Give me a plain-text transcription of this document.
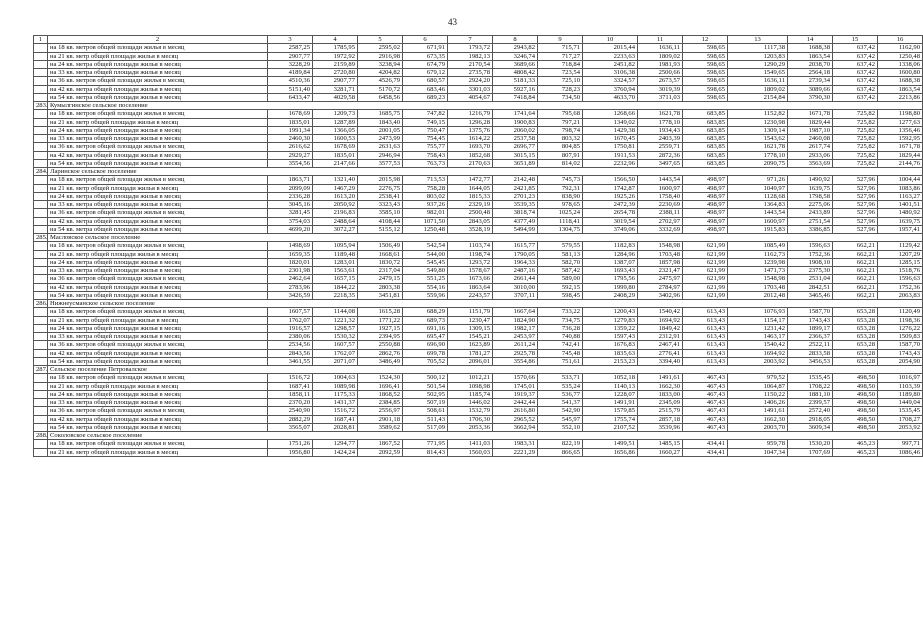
43
1	2	3	4	5	6	7	8	9	10	11	12	13	14	15	16
	на 18 кв. метров общей площади жилья в месяц	2587,25	1785,95	2595,02	671,91	1793,72	2943,82	715,71	2015,44	1636,11	598,65	1117,38	1688,38	637,42	1162,90
	на 21 кв. метр общей площади жилья в месяц	2907,77	1972,92	2916,98	673,35	1982,13	3246,74	717,27	2233,63	1809,02	598,65	1203,83	1863,54	637,42	1250,48
	на 24 кв. метра общей площади жилья в месяц	3228,29	2159,89	3238,94	674,79	2170,54	3689,66	718,84	2451,82	1981,93	598,65	1290,29	2038,70	637,42	1338,06
	на 33 кв. метра общей площади жилья в месяц	4189,84	2720,80	4204,82	679,12	2735,78	4808,42	723,54	3106,38	2500,66	598,65	1549,65	2564,18	637,42	1600,80
	на 36 кв. метров общей площади жилья в месяц	4510,36	2907,77	4526,79	680,57	2924,20	5181,33	725,10	3324,57	2673,57	598,65	1636,11	2739,34	637,42	1688,38
	на 42 кв. метра общей площади жилья в месяц	5151,40	3281,71	5170,72	683,46	3301,03	5927,16	728,23	3760,94	3019,39	598,65	1809,02	3089,66	637,42	1863,54
	на 54 кв. метра общей площади жилья в месяц	6433,47	4029,58	6458,56	689,23	4054,67	7418,84	734,50	4633,70	3711,03	598,65	2154,84	3790,30	637,42	2213,86
283.	Кумылгинское сельское поселение														
	на 18 кв. метров общей площади жилья в месяц	1678,69	1209,73	1685,75	747,82	1216,79	1741,64	795,68	1268,66	1621,78	683,85	1152,82	1671,78	725,82	1198,80
	на 21 кв. метр общей площади жилья в месяц	1835,01	1287,89	1843,40	749,15	1296,28	1900,83	797,21	1349,02	1778,10	683,85	1230,98	1829,44	725,82	1277,63
	на 24 кв. метра общей площади жилья в месяц	1991,34	1366,05	2001,05	750,47	1375,76	2060,02	798,74	1429,38	1934,43	683,85	1309,14	1987,10	725,82	1356,46
	на 33 кв. метра общей площади жилья в месяц	2460,30	1600,53	2473,99	754,45	1614,22	2537,58	803,32	1670,45	2403,39	683,85	1543,62	2460,08	725,82	1592,95
	на 36 кв. метров общей площади жилья в месяц	2616,62	1678,69	2631,63	755,77	1693,70	2696,77	804,85	1750,81	2559,71	683,85	1621,78	2617,74	725,82	1671,78
	на 42 кв. метра общей площади жилья в месяц	2929,27	1835,01	2946,94	758,43	1852,68	3015,15	807,91	1911,53	2872,36	683,85	1778,10	2933,06	725,82	1829,44
	на 54 кв. метра общей площади жилья в месяц	3554,56	2147,66	3577,53	763,73	2170,63	3651,89	814,02	2232,96	3497,65	683,85	2090,75	3563,69	725,82	2144,76
284.	Ларинское сельское поселение														
	на 18 кв. метров общей площади жилья в месяц	1863,71	1321,40	2015,98	713,53	1472,77	2142,48	745,73	1566,50	1443,54	498,97	971,26	1490,92	527,96	1004,44
	на 21 кв. метр общей площади жилья в месяц	2099,09	1467,29	2276,75	758,28	1644,05	2421,85	792,31	1742,87	1600,97	498,97	1049,97	1639,75	527,96	1083,86
	на 24 кв. метра общей площади жилья в месяц	2336,28	1613,20	2538,41	803,02	1815,33	2701,23	838,90	1925,26	1758,40	498,97	1128,68	1798,58	527,96	1163,27
	на 33 кв. метра общей площади жилья в месяц	3045,16	2050,92	3323,43	937,26	2329,19	3539,35	978,65	2472,39	2230,69	498,97	1364,83	2275,06	527,96	1401,51
	на 36 кв. метров общей площади жилья в месяц	3281,45	2196,83	3585,10	982,01	2500,48	3818,74	1025,24	2654,78	2388,11	498,97	1443,54	2433,89	527,96	1480,92
	на 42 кв. метра общей площади жилья в месяц	3754,03	2488,64	4108,44	1071,50	2843,05	4377,49	1118,41	3019,54	2702,97	498,97	1600,97	2751,54	527,96	1639,75
	на 54 кв. метра общей площади жилья в месяц	4699,20	3072,27	5155,12	1250,48	3528,19	5494,99	1304,75	3749,06	3332,69	498,97	1915,83	3386,85	527,96	1957,41
285.	Масловское сельское поселение														
	на 18 кв. метров общей площади жилья в месяц	1498,69	1095,94	1506,49	542,54	1103,74	1615,77	579,55	1182,83	1548,98	621,99	1085,49	1596,63	662,21	1129,42
	на 21 кв. метр общей площади жилья в месяц	1659,35	1189,48	1668,61	544,00	1198,74	1790,05	581,13	1284,96	1703,48	621,99	1162,73	1752,36	662,21	1207,29
	на 24 кв. метра общей площади жилья в месяц	1820,01	1283,01	1830,72	545,45	1293,72	1964,33	582,70	1387,07	1857,98	621,99	1239,98	1908,10	662,21	1285,15
	на 33 кв. метра общей площади жилья в месяц	2301,98	1563,61	2317,04	549,80	1578,67	2487,16	587,42	1693,43	2321,47	621,99	1471,73	2375,30	662,21	1518,76
	на 36 кв. метров общей площади жилья в месяц	2462,64	1657,15	2479,15	551,25	1673,66	2661,44	589,00	1795,56	2475,97	621,99	1548,98	2531,04	662,21	1596,63
	на 42 кв. метра общей площади жилья в месяц	2783,96	1844,22	2803,38	554,16	1863,64	3010,00	592,15	1999,80	2784,97	621,99	1703,48	2842,51	662,21	1752,36
	на 54 кв. метра общей площади жилья в месяц	3426,59	2218,35	3451,81	559,96	2243,57	3707,11	598,45	2408,29	3402,96	621,99	2012,48	3465,46	662,21	2063,83
286.	Нижнеусманское сельское поселение														
	на 18 кв. метров общей площади жилья в месяц	1607,57	1144,08	1615,28	688,29	1151,79	1667,64	733,22	1200,43	1540,42	613,43	1076,93	1587,70	653,28	1120,49
	на 21 кв. метр общей площади жилья в месяц	1762,07	1221,32	1771,22	689,73	1230,47	1824,90	734,75	1279,83	1694,92	613,43	1154,17	1743,43	653,28	1198,36
	на 24 кв. метра общей площади жилья в месяц	1916,57	1298,57	1927,15	691,16	1309,15	1982,17	736,28	1359,22	1849,42	613,43	1231,42	1899,17	653,28	1276,22
	на 33 кв. метра общей площади жилья в месяц	2380,06	1530,32	2394,95	695,47	1545,21	2453,97	740,88	1597,43	2312,91	613,43	1463,17	2366,37	653,28	1509,83
	на 36 кв. метров общей площади жилья в месяц	2534,56	1607,57	2550,88	696,90	1623,89	2611,24	742,41	1676,83	2467,41	613,43	1540,42	2522,11	653,28	1587,70
	на 42 кв. метра общей площади жилья в месяц	2843,56	1762,07	2862,76	699,78	1781,27	2925,78	745,48	1835,63	2776,41	613,43	1694,92	2833,58	653,28	1743,43
	на 54 кв. метра общей площади жилья в месяц	3461,55	2071,07	3486,49	705,52	2096,01	3554,86	751,61	2153,23	3394,40	613,43	2003,92	3456,53	653,28	2054,90
287.	Сельское поселение Петровалское														
	на 18 кв. метров общей площади жилья в месяц	1516,72	1004,63	1524,30	500,12	1012,21	1570,66	533,71	1052,18	1491,61	467,43	979,52	1535,45	498,50	1016,97
	на 21 кв. метр общей площади жилья в месяц	1687,41	1089,98	1696,41	501,54	1098,98	1745,01	535,24	1140,13	1662,30	467,43	1064,87	1708,22	498,50	1103,39
	на 24 кв. метра общей площади жилья в месяц	1858,11	1175,33	1868,52	502,95	1185,74	1919,37	536,77	1228,07	1833,00	467,43	1150,22	1881,10	498,50	1189,80
	на 33 кв. метра общей площади жилья в месяц	2370,20	1431,37	2384,85	507,19	1446,02	2442,44	541,37	1491,91	2345,09	467,43	1406,26	2399,57	498,50	1449,04
	на 36 кв. метров общей площади жилья в месяц	2540,90	1516,72	2556,97	508,61	1532,79	2616,80	542,90	1579,85	2515,79	467,43	1491,61	2572,40	498,50	1535,45
	на 42 кв. метра общей площади жилья в месяц	2882,29	1687,41	2901,18	511,43	1706,30	2965,52	545,97	1755,74	2857,18	467,43	1662,30	2918,05	498,50	1708,27
	на 54 кв. метра общей площади жилья в месяц	3565,07	2028,81	3589,62	517,09	2053,36	3662,94	552,10	2107,52	3539,96	467,43	2003,70	3609,34	498,50	2053,92
288.	Соколовское сельское поселение														
	на 18 кв. метров общей площади жилья в месяц	1751,26	1294,77	1867,52	771,95	1411,03	1983,31	822,19	1499,51	1485,15	434,41	959,78	1530,20	465,23	997,71
	на 21 кв. метр общей площади жилья в месяц	1956,80	1424,24	2092,59	814,43	1560,03	2221,29	866,65	1656,86	1660,27	434,41	1047,34	1707,69	465,23	1086,46
